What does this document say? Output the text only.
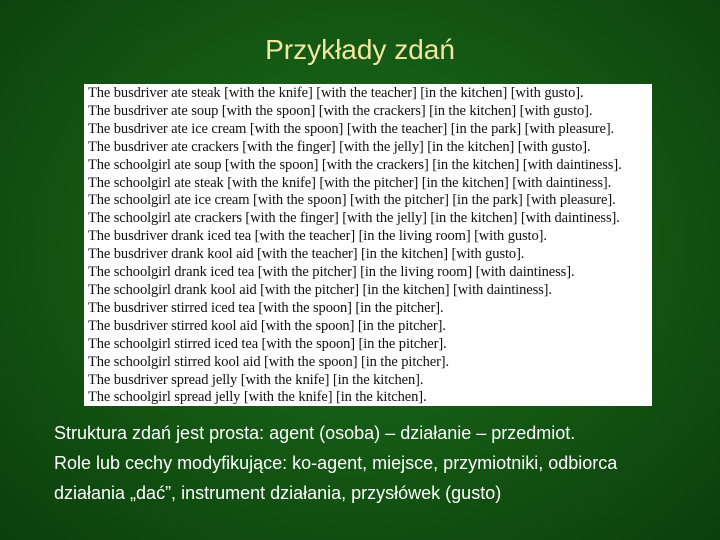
Przykłady zdań
The busdriver ate steak [with the knife] [with the teacher] [in the kitchen] [with gusto].
The busdriver ate soup [with the spoon] [with the crackers] [in the kitchen] [with gusto].
The busdriver ate ice cream [with the spoon] [with the teacher] [in the park] [with pleasure].
The busdriver ate crackers [with the finger] [with the jelly] [in the kitchen] [with gusto].
The schoolgirl ate soup [with the spoon] [with the crackers] [in the kitchen] [with daintiness].
The schoolgirl ate steak [with the knife] [with the pitcher] [in the kitchen] [with daintiness].
The schoolgirl ate ice cream [with the spoon] [with the pitcher] [in the park] [with pleasure].
The schoolgirl ate crackers [with the finger] [with the jelly] [in the kitchen] [with daintiness].
The busdriver drank iced tea [with the teacher] [in the living room] [with gusto].
The busdriver drank kool aid [with the teacher] [in the kitchen] [with gusto].
The schoolgirl drank iced tea [with the pitcher] [in the living room] [with daintiness].
The schoolgirl drank kool aid [with the pitcher] [in the kitchen] [with daintiness].
The busdriver stirred iced tea [with the spoon] [in the pitcher].
The busdriver stirred kool aid [with the spoon] [in the pitcher].
The schoolgirl stirred iced tea [with the spoon] [in the pitcher].
The schoolgirl stirred kool aid [with the spoon] [in the pitcher].
The busdriver spread jelly [with the knife] [in the kitchen].
The schoolgirl spread jelly [with the knife] [in the kitchen].
Struktura zdań jest prosta: agent (osoba) – działanie – przedmiot.
Role lub cechy modyfikujące: ko-agent, miejsce, przymiotniki, odbiorca
działania „dać”, instrument działania, przysłówek (gusto)
